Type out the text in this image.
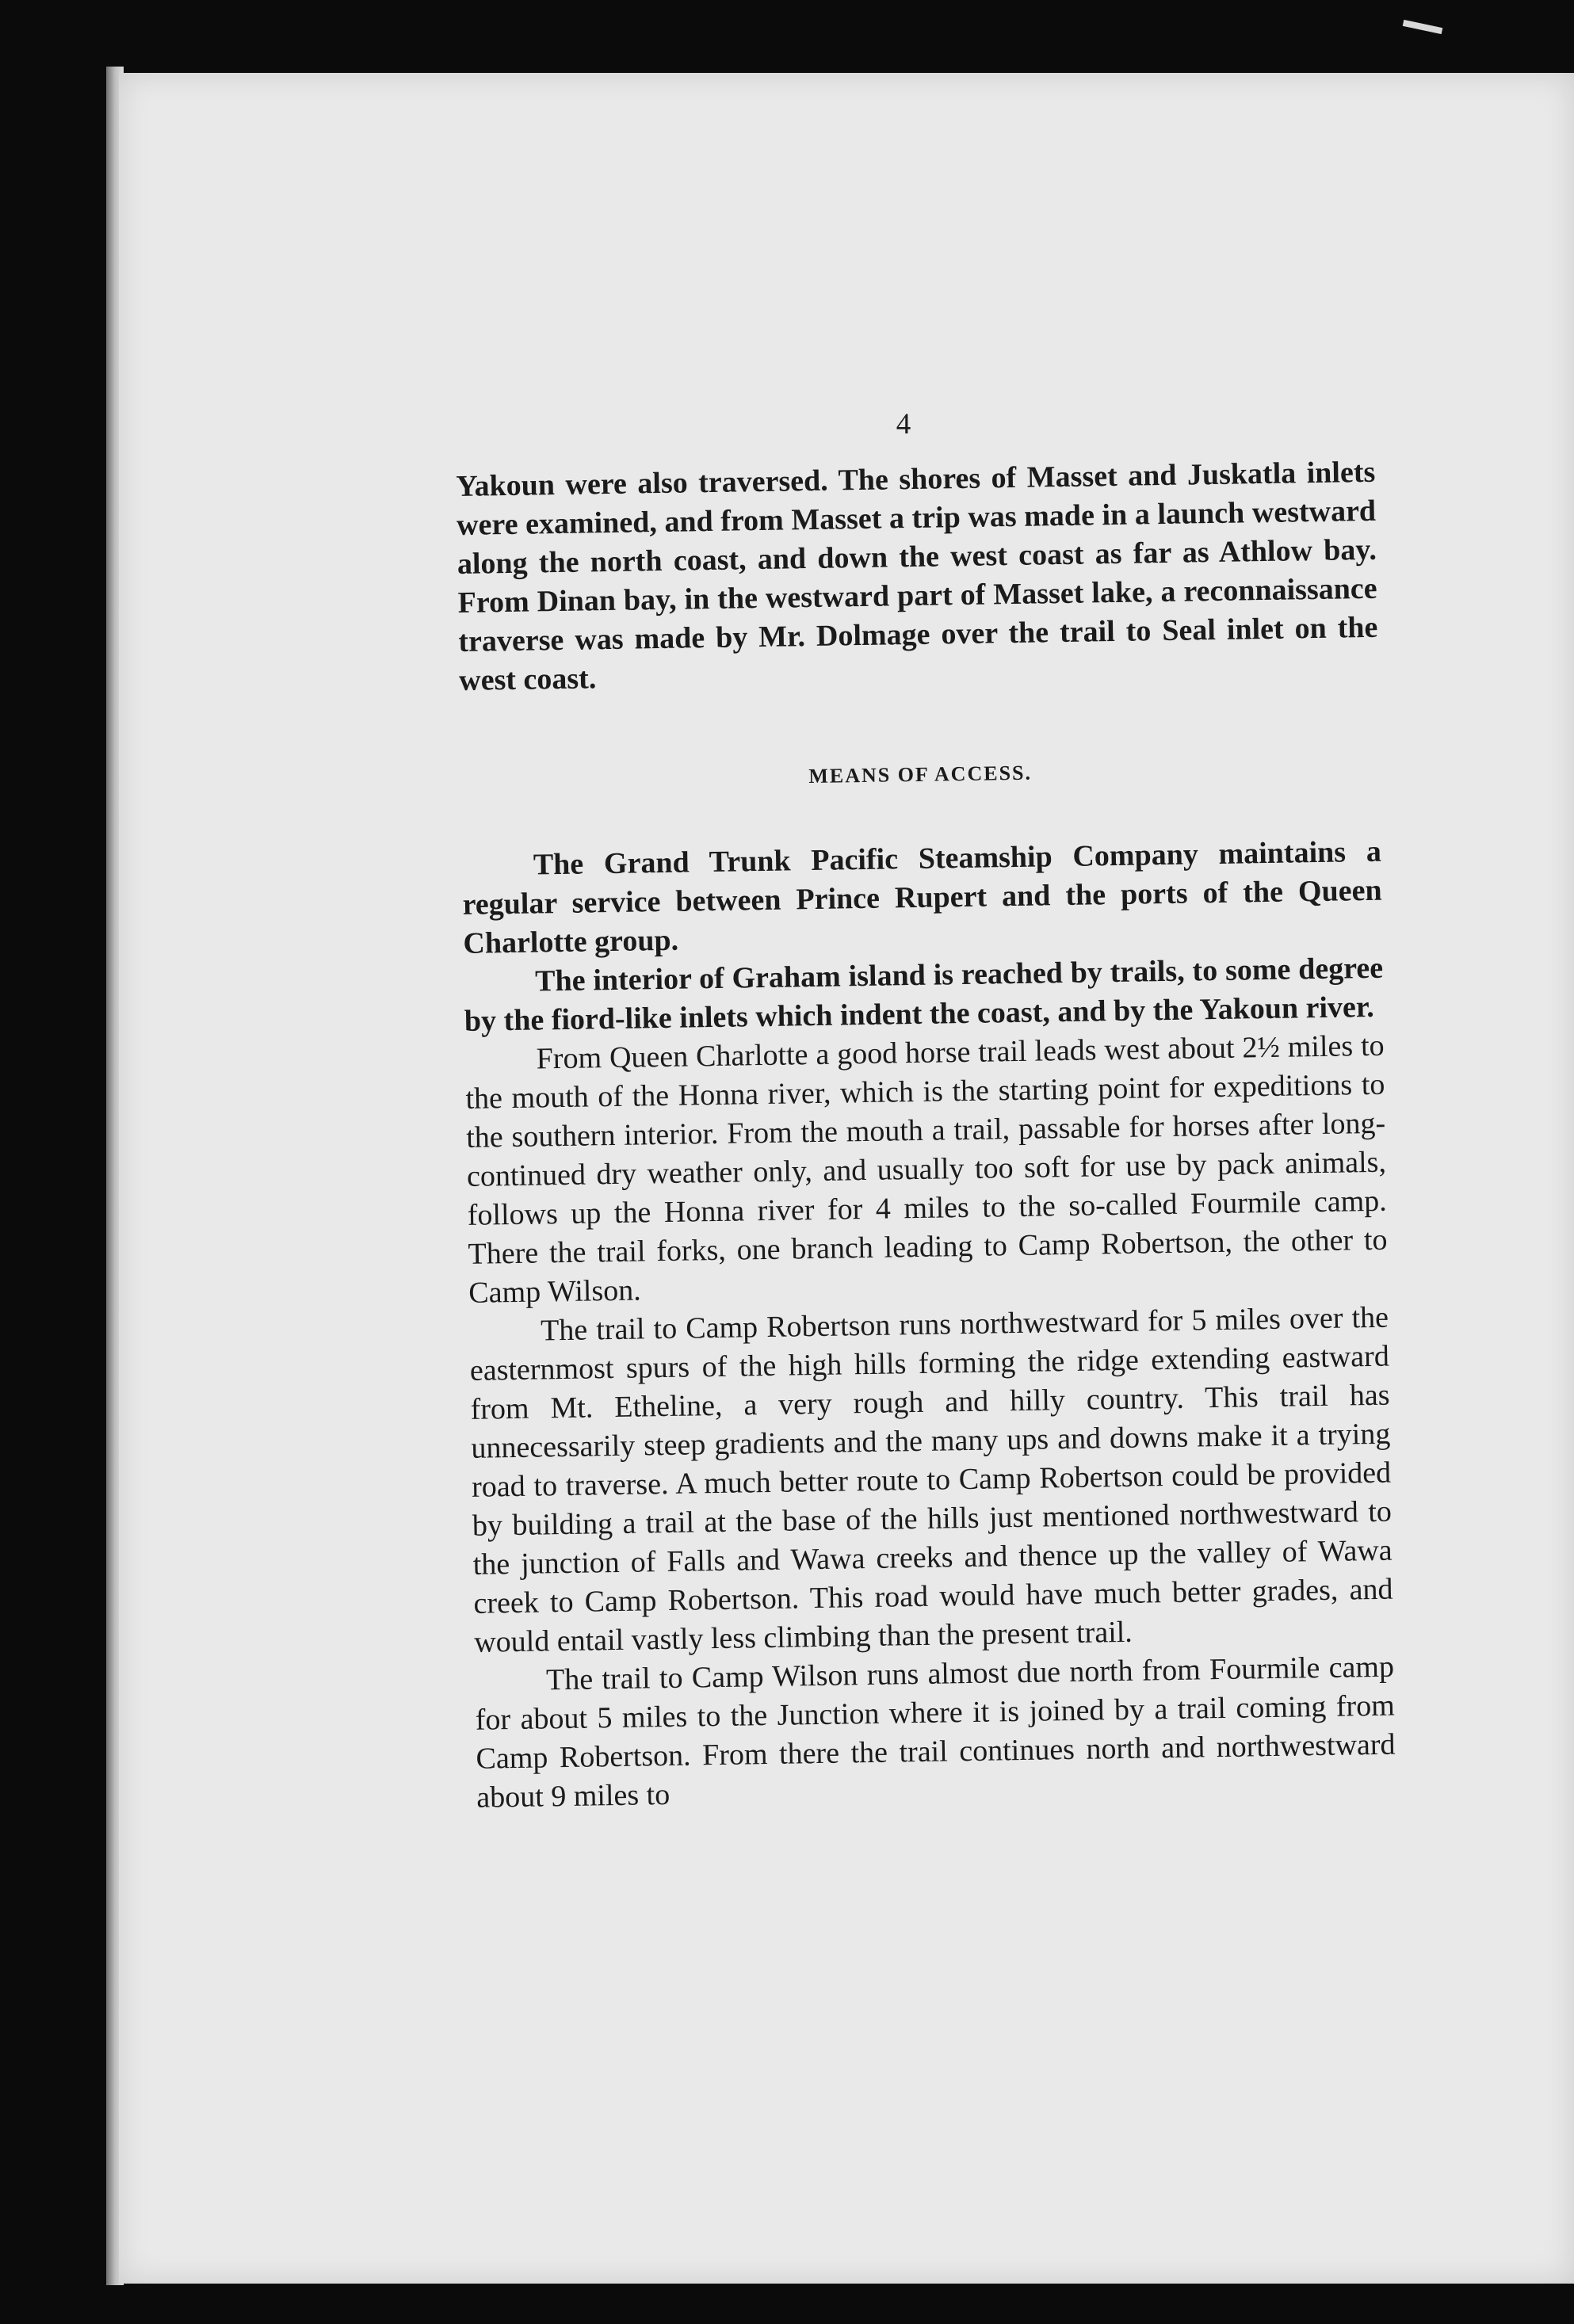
4

Yakoun were also traversed. The shores of Masset and Juskatla inlets were examined, and from Masset a trip was made in a launch westward along the north coast, and down the west coast as far as Athlow bay. From Dinan bay, in the westward part of Masset lake, a reconnaissance traverse was made by Mr. Dolmage over the trail to Seal inlet on the west coast.

MEANS OF ACCESS.

The Grand Trunk Pacific Steamship Company maintains a regular service between Prince Rupert and the ports of the Queen Charlotte group.

The interior of Graham island is reached by trails, to some degree by the fiord-like inlets which indent the coast, and by the Yakoun river.

From Queen Charlotte a good horse trail leads west about 2½ miles to the mouth of the Honna river, which is the starting point for expeditions to the southern interior. From the mouth a trail, passable for horses after long-continued dry weather only, and usually too soft for use by pack animals, follows up the Honna river for 4 miles to the so-called Fourmile camp. There the trail forks, one branch leading to Camp Robertson, the other to Camp Wilson.

The trail to Camp Robertson runs northwestward for 5 miles over the easternmost spurs of the high hills forming the ridge extending eastward from Mt. Etheline, a very rough and hilly country. This trail has unnecessarily steep gradients and the many ups and downs make it a trying road to traverse. A much better route to Camp Robertson could be provided by building a trail at the base of the hills just mentioned northwestward to the junction of Falls and Wawa creeks and thence up the valley of Wawa creek to Camp Robertson. This road would have much better grades, and would entail vastly less climbing than the present trail.

The trail to Camp Wilson runs almost due north from Fourmile camp for about 5 miles to the Junction where it is joined by a trail coming from Camp Robertson. From there the trail continues north and northwestward about 9 miles to
